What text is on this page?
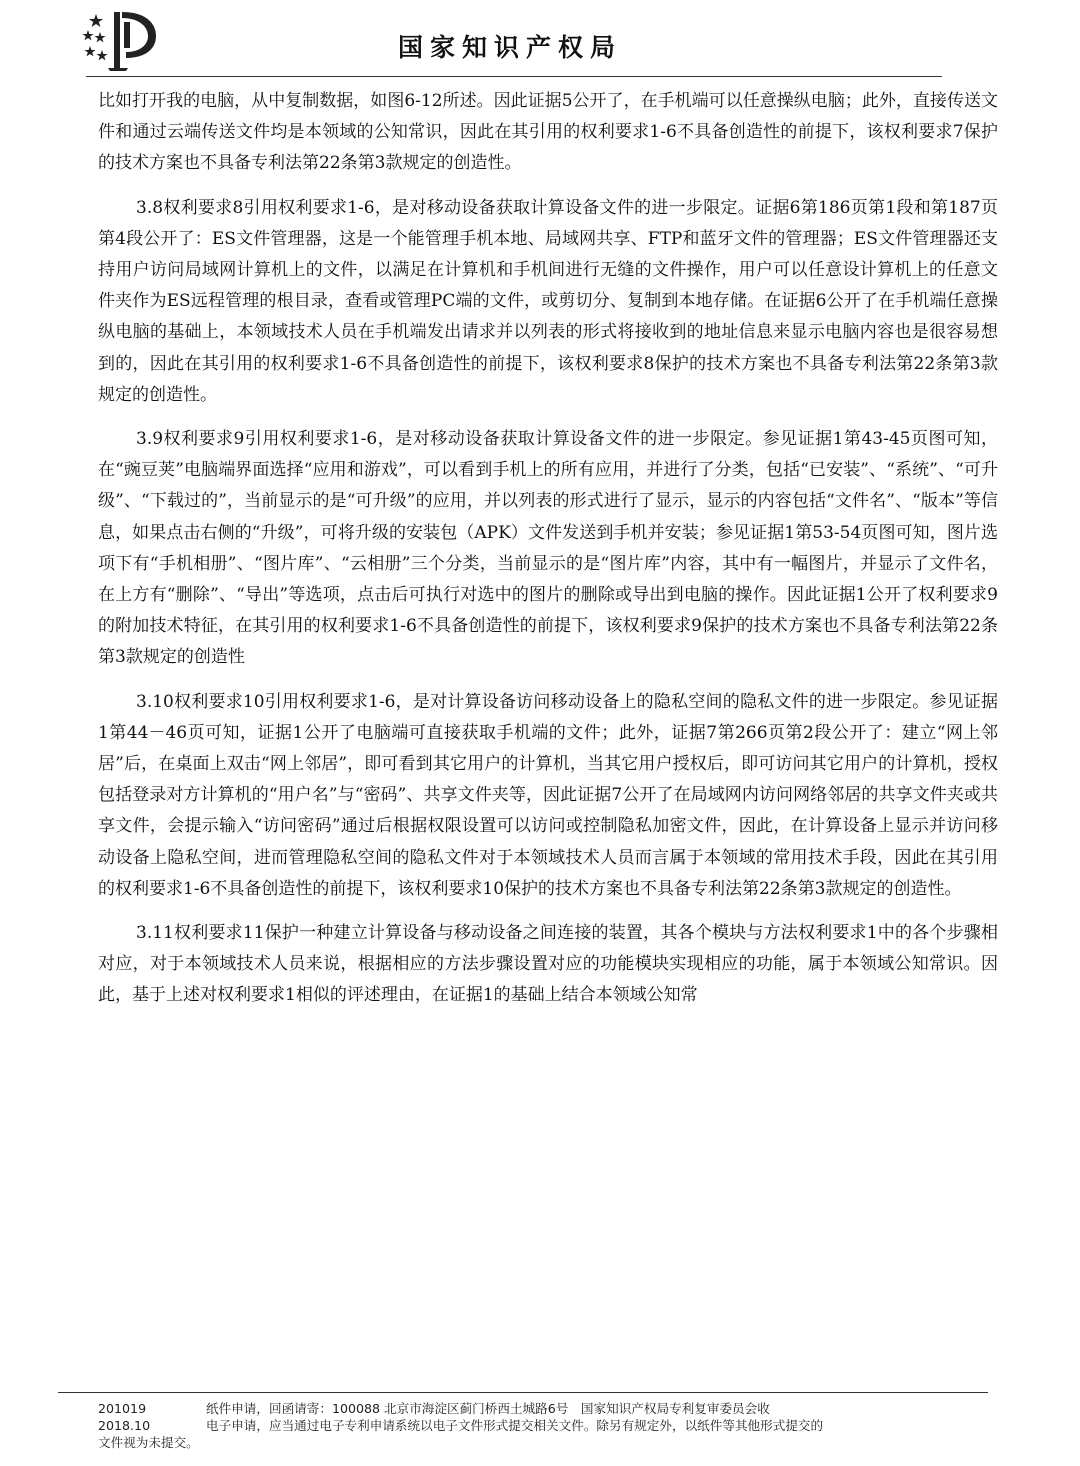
国家知识产权局

比如打开我的电脑，从中复制数据，如图6-12所述。因此证据5公开了，在手机端可以任意操纵电脑；此外，直接传送文件和通过云端传送文件均是本领域的公知常识，因此在其引用的权利要求1-6不具备创造性的前提下，该权利要求7保护的技术方案也不具备专利法第22条第3款规定的创造性。

3.8权利要求8引用权利要求1-6，是对移动设备获取计算设备文件的进一步限定。证据6第186页第1段和第187页第4段公开了：ES文件管理器，这是一个能管理手机本地、局域网共享、FTP和蓝牙文件的管理器；ES文件管理器还支持用户访问局域网计算机上的文件，以满足在计算机和手机间进行无缝的文件操作，用户可以任意设计算机上的任意文件夹作为ES远程管理的根目录，查看或管理PC端的文件，或剪切分、复制到本地存储。在证据6公开了在手机端任意操纵电脑的基础上，本领域技术人员在手机端发出请求并以列表的形式将接收到的地址信息来显示电脑内容也是很容易想到的，因此在其引用的权利要求1-6不具备创造性的前提下，该权利要求8保护的技术方案也不具备专利法第22条第3款规定的创造性。

3.9权利要求9引用权利要求1-6，是对移动设备获取计算设备文件的进一步限定。参见证据1第43-45页图可知，在“豌豆荚”电脑端界面选择“应用和游戏”，可以看到手机上的所有应用，并进行了分类，包括“已安装”、“系统”、“可升级”、“下载过的”，当前显示的是“可升级”的应用，并以列表的形式进行了显示，显示的内容包括“文件名”、“版本”等信息，如果点击右侧的“升级”，可将升级的安装包（APK）文件发送到手机并安装；参见证据1第53-54页图可知，图片选项下有“手机相册”、“图片库”、“云相册”三个分类，当前显示的是“图片库”内容，其中有一幅图片，并显示了文件名，在上方有“删除”、“导出”等选项，点击后可执行对选中的图片的删除或导出到电脑的操作。因此证据1公开了权利要求9的附加技术特征，在其引用的权利要求1-6不具备创造性的前提下，该权利要求9保护的技术方案也不具备专利法第22条第3款规定的创造性

3.10权利要求10引用权利要求1-6，是对计算设备访问移动设备上的隐私空间的隐私文件的进一步限定。参见证据1第44－46页可知，证据1公开了电脑端可直接获取手机端的文件；此外，证据7第266页第2段公开了：建立“网上邻居”后，在桌面上双击“网上邻居”，即可看到其它用户的计算机，当其它用户授权后，即可访问其它用户的计算机，授权包括登录对方计算机的“用户名”与“密码”、共享文件夹等，因此证据7公开了在局域网内访问网络邻居的共享文件夹或共享文件，会提示输入“访问密码”通过后根据权限设置可以访问或控制隐私加密文件，因此，在计算设备上显示并访问移动设备上隐私空间，进而管理隐私空间的隐私文件对于本领域技术人员而言属于本领域的常用技术手段，因此在其引用的权利要求1-6不具备创造性的前提下，该权利要求10保护的技术方案也不具备专利法第22条第3款规定的创造性。

3.11权利要求11保护一种建立计算设备与移动设备之间连接的装置，其各个模块与方法权利要求1中的各个步骤相对应，对于本领域技术人员来说，根据相应的方法步骤设置对应的功能模块实现相应的功能，属于本领域公知常识。因此，基于上述对权利要求1相似的评述理由，在证据1的基础上结合本领域公知常

201019	纸件申请，回函请寄：100088 北京市海淀区蓟门桥西土城路6号　国家知识产权局专利复审委员会收
2018.10	电子申请，应当通过电子专利申请系统以电子文件形式提交相关文件。除另有规定外，以纸件等其他形式提交的
文件视为未提交。
